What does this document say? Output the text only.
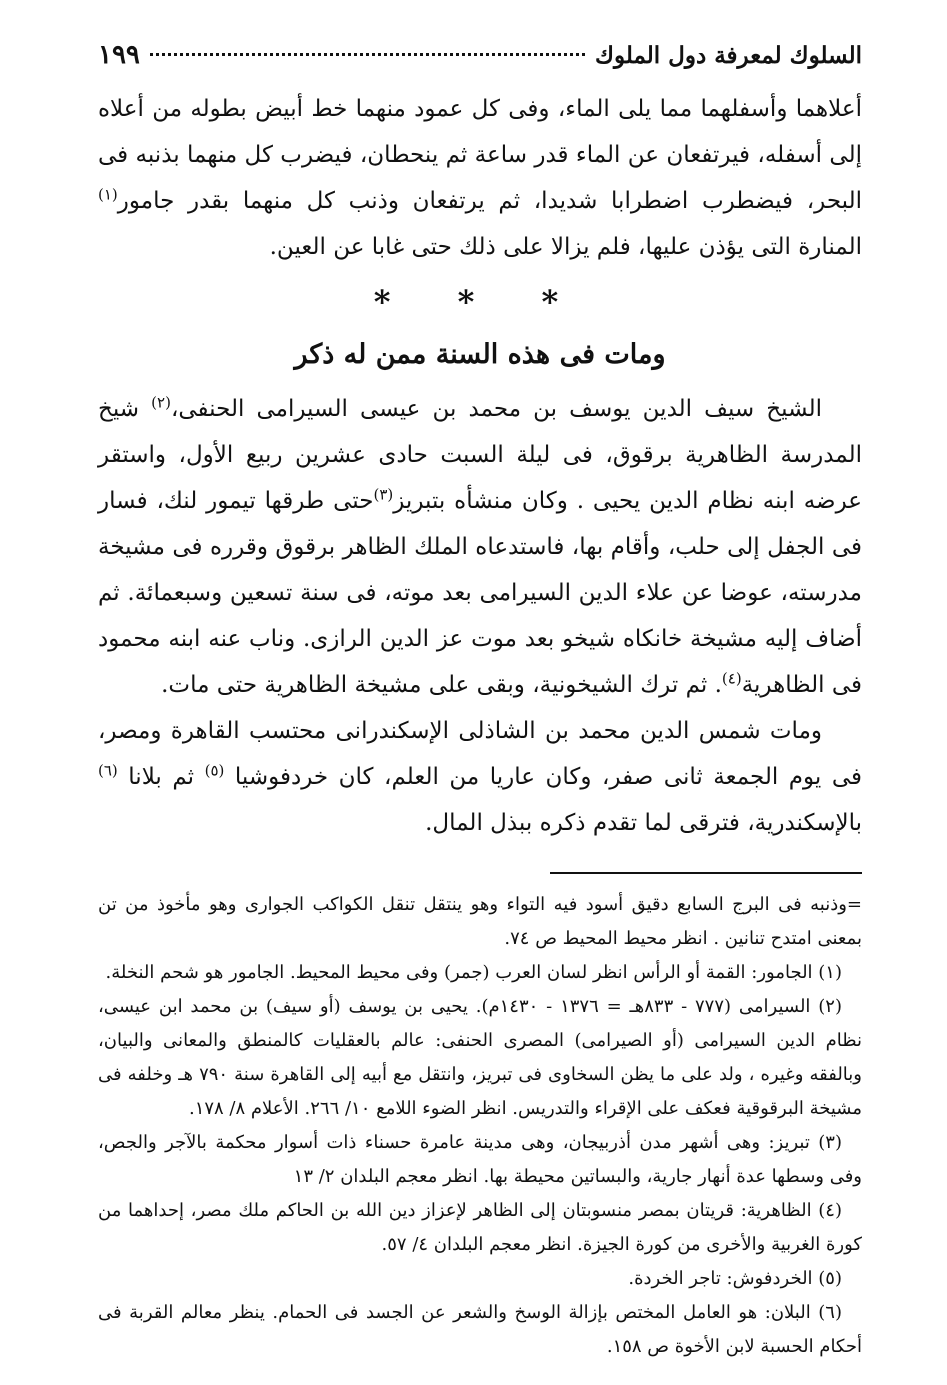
السلوك لمعرفة دول الملوك
١٩٩

أعلاهما وأسفلهما مما يلى الماء، وفى كل عمود منهما خط أبيض بطوله من أعلاه إلى أسفله، فيرتفعان عن الماء قدر ساعة ثم ينحطان، فيضرب كل منهما بذنبه فى البحر، فيضطرب اضطرابا شديدا، ثم يرتفعان وذنب كل منهما بقدر جامور$^{(١)}$ المنارة التى يؤذن عليها، فلم يزالا على ذلك حتى غابا عن العين.

* * *
ومات فى هذه السنة ممن له ذكر

الشيخ سيف الدين يوسف بن محمد بن عيسى السيرامى الحنفى،$^{(٢)}$ شيخ المدرسة الظاهرية برقوق، فى ليلة السبت حادى عشرين ربيع الأول، واستقر عرضه ابنه نظام الدين يحيى . وكان منشأه بتبريز$^{(٣)}$حتى طرقها تيمور لنك، فسار فى الجفل إلى حلب، وأقام بها، فاستدعاه الملك الظاهر برقوق وقرره فى مشيخة مدرسته، عوضا عن علاء الدين السيرامى بعد موته، فى سنة تسعين وسبعمائة. ثم أضاف إليه مشيخة خانكاه شيخو بعد موت عز الدين الرازى. وناب عنه ابنه محمود فى الظاهرية$^{(٤)}$. ثم ترك الشيخونية، وبقى على مشيخة الظاهرية حتى مات.

ومات شمس الدين محمد بن الشاذلى الإسكندرانى محتسب القاهرة ومصر، فى يوم الجمعة ثانى صفر، وكان عاريا من العلم، كان خردفوشيا $^{(٥)}$ ثم بلانا $^{(٦)}$ بالإسكندرية، فترقى لما تقدم ذكره ببذل المال.

=وذنبه فى البرج السابع دقيق أسود فيه التواء وهو ينتقل تنقل الكواكب الجوارى وهو مأخوذ من تن بمعنى امتدح تنانين . انظر محيط المحيط ص ٧٤.

(١) الجامور: القمة أو الرأس انظر لسان العرب (جمر) وفى محيط المحيط. الجامور هو شحم النخلة.

(٢) السيرامى (٧٧٧ - ٨٣٣هـ = ١٣٧٦ - ١٤٣٠م). يحيى بن يوسف (أو سيف) بن محمد ابن عيسى، نظام الدين السيرامى (أو الصيرامى) المصرى الحنفى: عالم بالعقليات كالمنطق والمعانى والبيان، وبالفقه وغيره ، ولد على ما يظن السخاوى فى تبريز، وانتقل مع أبيه إلى القاهرة سنة ٧٩٠ هـ وخلفه فى مشيخة البرقوقية فعكف على الإقراء والتدريس. انظر الضوء اللامع ١٠/ ٢٦٦. الأعلام ٨/ ١٧٨.

(٣) تبريز: وهى أشهر مدن أذربيجان، وهى مدينة عامرة حسناء ذات أسوار محكمة بالآجر والجص، وفى وسطها عدة أنهار جارية، والبساتين محيطة بها. انظر معجم البلدان ٢/ ١٣

(٤) الظاهرية: قريتان بمصر منسوبتان إلى الظاهر لإعزاز دين الله بن الحاكم ملك مصر، إحداهما من كورة الغربية والأخرى من كورة الجيزة. انظر معجم البلدان ٤/ ٥٧.

(٥) الخردفوش: تاجر الخردة.

(٦) البلان: هو العامل المختص بإزالة الوسخ والشعر عن الجسد فى الحمام. ينظر معالم القربة فى أحكام الحسبة لابن الأخوة ص ١٥٨.
